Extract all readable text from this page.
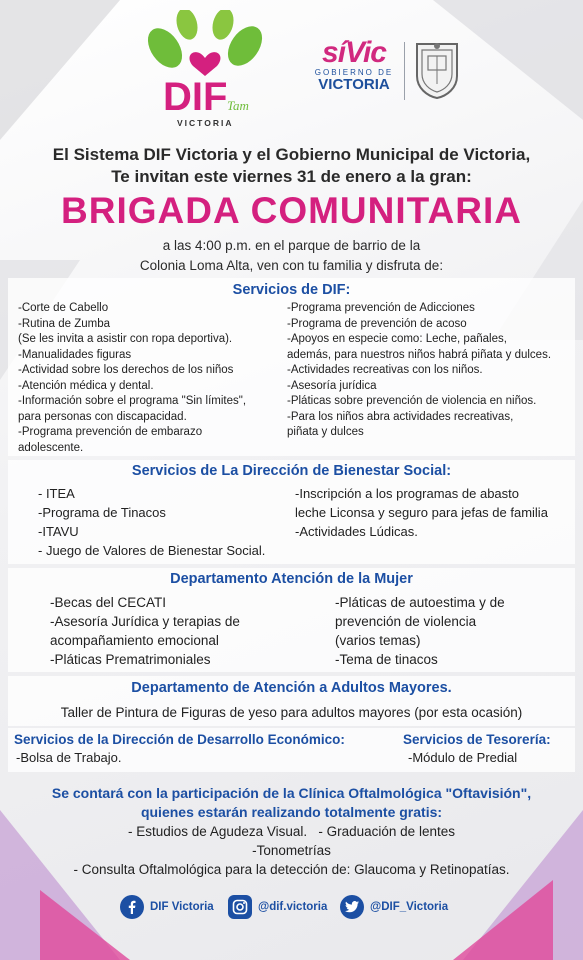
DIF Tam
VICTORIA
síVic
GOBIERNO DE
VICTORIA
El Sistema DIF Victoria y el Gobierno Municipal de Victoria,
Te invitan este viernes 31 de enero a la gran:
BRIGADA COMUNITARIA
a las 4:00 p.m. en el parque de barrio de la
Colonia Loma Alta, ven con tu familia y disfruta de:
Servicios de DIF:
-Corte de Cabello
-Rutina de Zumba
(Se les invita a asistir con ropa deportiva).
-Manualidades figuras
-Actividad sobre los derechos de los niños
-Atención médica y dental.
-Información sobre el programa "Sin límites",
para personas con discapacidad.
-Programa prevención de embarazo
adolescente.
-Programa prevención de Adicciones
-Programa de prevención de acoso
-Apoyos en especie como: Leche, pañales,
además, para nuestros niños habrá piñata y dulces.
-Actividades recreativas con los niños.
-Asesoría jurídica
-Pláticas sobre prevención de violencia en niños.
-Para los niños abra actividades recreativas,
piñata y dulces
Servicios de La Dirección de Bienestar Social:
- ITEA
-Programa de Tinacos
-ITAVU
- Juego de Valores de Bienestar Social.
-Inscripción a los programas de abasto
leche Liconsa y seguro para jefas de familia
-Actividades Lúdicas.
Departamento Atención de la Mujer
-Becas del CECATI
-Asesoría Jurídica y terapias de
acompañamiento emocional
-Pláticas Prematrimoniales
-Pláticas de autoestima y de
prevención de violencia
(varios temas)
-Tema de tinacos
Departamento de Atención a Adultos Mayores.
Taller de Pintura de Figuras de yeso para adultos mayores (por esta ocasión)
Servicios de la Dirección de Desarrollo Económico:
-Bolsa de Trabajo.
Servicios de Tesorería:
-Módulo de Predial
Se contará con la participación de la Clínica Oftalmológica "Oftavisión",
quienes estarán realizando totalmente gratis:
- Estudios de Agudeza Visual.   - Graduación de lentes
-Tonometrías
- Consulta Oftalmológica para la detección de: Glaucoma y Retinopatías.
DIF Victoria	@dif.victoria	@DIF_Victoria
